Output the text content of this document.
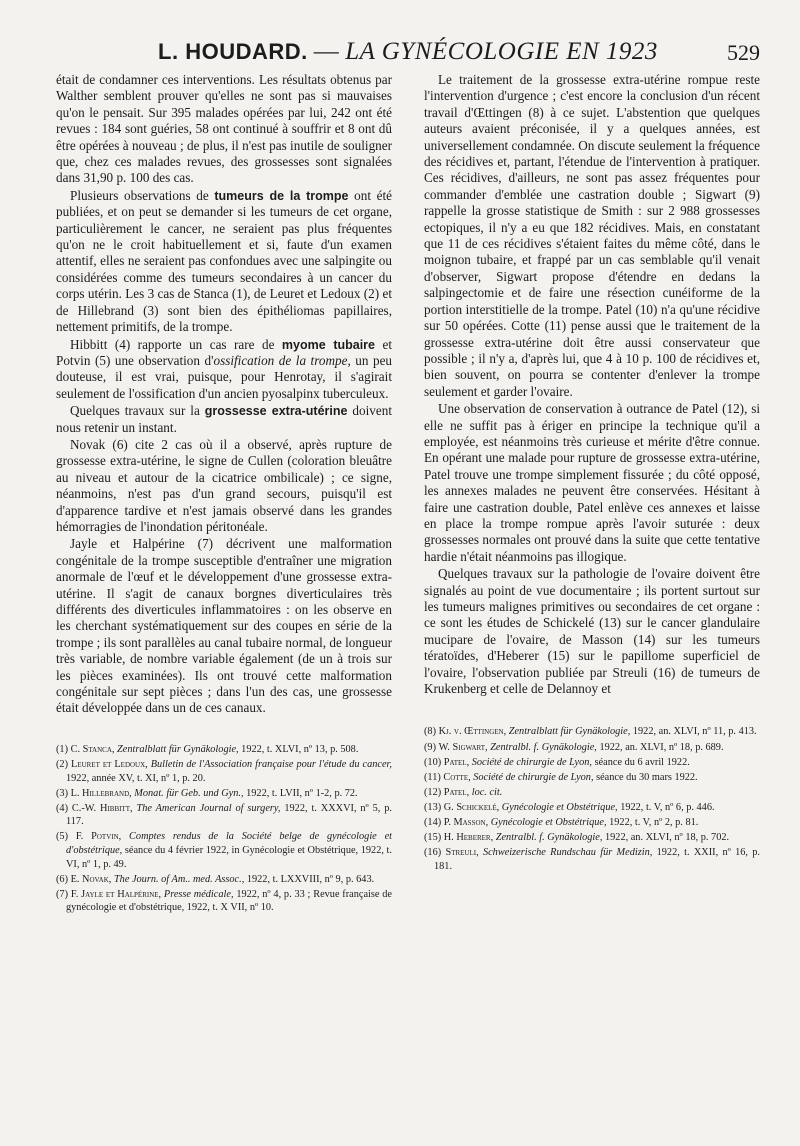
L. HOUDARD. — LA GYNÉCOLOGIE EN 1923	529

était de condamner ces interventions. Les résultats obtenus par Walther semblent prouver qu'elles ne sont pas si mauvaises qu'on le pensait. Sur 395 malades opérées par lui, 242 ont été revues : 184 sont guéries, 58 ont continué à souffrir et 8 ont dû être opérées à nouveau ; de plus, il n'est pas inutile de souligner que, chez ces malades revues, des grossesses sont signalées dans 31,90 p. 100 des cas.

Plusieurs observations de tumeurs de la trompe ont été publiées, et on peut se demander si les tumeurs de cet organe, particulièrement le cancer, ne seraient pas plus fréquentes qu'on ne le croit habituellement et si, faute d'un examen attentif, elles ne seraient pas confondues avec une salpingite ou considérées comme des tumeurs secondaires à un cancer du corps utérin. Les 3 cas de Stanca (1), de Leuret et Ledoux (2) et de Hillebrand (3) sont bien des épithéliomas papillaires, nettement primitifs, de la trompe.

Hibbitt (4) rapporte un cas rare de myome tubaire et Potvin (5) une observation d'ossification de la trompe, un peu douteuse, il est vrai, puisque, pour Henrotay, il s'agirait seulement de l'ossification d'un ancien pyosalpinx tuberculeux.

Quelques travaux sur la grossesse extra-utérine doivent nous retenir un instant.

Novak (6) cite 2 cas où il a observé, après rupture de grossesse extra-utérine, le signe de Cullen (coloration bleuâtre au niveau et autour de la cicatrice ombilicale) ; ce signe, néanmoins, n'est pas d'un grand secours, puisqu'il est d'apparence tardive et n'est jamais observé dans les grandes hémorragies de l'inondation péritonéale.

Jayle et Halpérine (7) décrivent une malformation congénitale de la trompe susceptible d'entraîner une migration anormale de l'œuf et le développement d'une grossesse extra-utérine. Il s'agit de canaux borgnes diverticulaires très différents des diverticules inflammatoires : on les observe en les cherchant systématiquement sur des coupes en série de la trompe ; ils sont parallèles au canal tubaire normal, de longueur très variable, de nombre variable également (de un à trois sur les pièces examinées). Ils ont trouvé cette malformation congénitale sur sept pièces ; dans l'un des cas, une grossesse était développée dans un de ces canaux.

(1) C. Stanca, Zentralblatt für Gynäkologie, 1922, t. XLVI, nº 13, p. 508.
(2) Leuret et Ledoux, Bulletin de l'Association française pour l'étude du cancer, 1922, année XV, t. XI, nº 1, p. 20.
(3) L. Hillebrand, Monat. für Geb. und Gyn., 1922, t. LVII, nº 1-2, p. 72.
(4) C.-W. Hibbitt, The American Journal of surgery, 1922, t. XXXVI, nº 5, p. 117.
(5) F. Potvin, Comptes rendus de la Société belge de gynécologie et d'obstétrique, séance du 4 février 1922, in Gynécologie et Obstétrique, 1922, t. VI, nº 1, p. 49.
(6) E. Novak, The Journ. of Am.. med. Assoc., 1922, t. LXXVIII, nº 9, p. 643.
(7) F. Jayle et Halpérine, Presse médicale, 1922, nº 4, p. 33 ; Revue française de gynécologie et d'obstétrique, 1922, t. X VII, nº 10.

Le traitement de la grossesse extra-utérine rompue reste l'intervention d'urgence ; c'est encore la conclusion d'un récent travail d'Œttingen (8) à ce sujet. L'abstention que quelques auteurs avaient préconisée, il y a quelques années, est universellement condamnée. On discute seulement la fréquence des récidives et, partant, l'étendue de l'intervention à pratiquer. Ces récidives, d'ailleurs, ne sont pas assez fréquentes pour commander d'emblée une castration double ; Sigwart (9) rappelle la grosse statistique de Smith : sur 2 988 grossesses ectopiques, il n'y a eu que 182 récidives. Mais, en constatant que 11 de ces récidives s'étaient faites du même côté, dans le moignon tubaire, et frappé par un cas semblable qu'il venait d'observer, Sigwart propose d'étendre en dedans la salpingectomie et de faire une résection cunéiforme de la portion interstitielle de la trompe. Patel (10) n'a qu'une récidive sur 50 opérées. Cotte (11) pense aussi que le traitement de la grossesse extra-utérine doit être aussi conservateur que possible ; il n'y a, d'après lui, que 4 à 10 p. 100 de récidives et, bien souvent, on pourra se contenter d'enlever la trompe seulement et garder l'ovaire.

Une observation de conservation à outrance de Patel (12), si elle ne suffit pas à ériger en principe la technique qu'il a employée, est néanmoins très curieuse et mérite d'être connue. En opérant une malade pour rupture de grossesse extra-utérine, Patel trouve une trompe simplement fissurée ; du côté opposé, les annexes malades ne peuvent être conservées. Hésitant à faire une castration double, Patel enlève ces annexes et laisse en place la trompe rompue après l'avoir suturée : deux grossesses normales ont prouvé dans la suite que cette tentative hardie n'était néanmoins pas illogique.

Quelques travaux sur la pathologie de l'ovaire doivent être signalés au point de vue documentaire ; ils portent surtout sur les tumeurs malignes primitives ou secondaires de cet organe : ce sont les études de Schickelé (13) sur le cancer glandulaire mucipare de l'ovaire, de Masson (14) sur les tumeurs tératoïdes, d'Heberer (15) sur le papillome superficiel de l'ovaire, l'observation publiée par Streuli (16) de tumeurs de Krukenberg et celle de Delannoy et

(8) Kj. v. Œttingen, Zentralblatt für Gynäkologie, 1922, an. XLVI, nº 11, p. 413.
(9) W. Sigwart, Zentralbl. f. Gynäkologie, 1922, an. XLVI, nº 18, p. 689.
(10) Patel, Société de chirurgie de Lyon, séance du 6 avril 1922.
(11) Cotte, Société de chirurgie de Lyon, séance du 30 mars 1922.
(12) Patel, loc. cit.
(13) G. Schickelé, Gynécologie et Obstétrique, 1922, t. V, nº 6, p. 446.
(14) P. Masson, Gynécologie et Obstétrique, 1922, t. V, nº 2, p. 81.
(15) H. Heberer, Zentralbl. f. Gynäkologie, 1922, an. XLVI, nº 18, p. 702.
(16) Streuli, Schweizerische Rundschau für Medizin, 1922, t. XXII, nº 16, p. 181.
